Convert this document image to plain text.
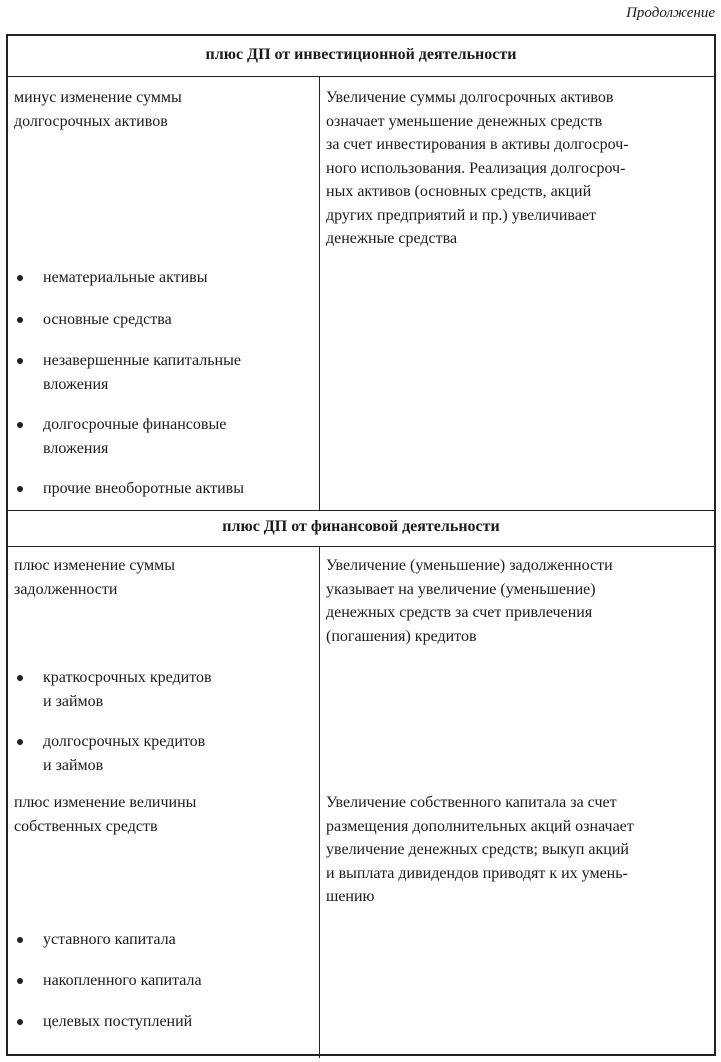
Продолжение
плюс ДП от инвестиционной деятельности
минус изменение суммы
долгосрочных активов
Увеличение суммы долгосрочных активов
означает уменьшение денежных средств
за счет инвестирования в активы долгосроч-
ного использования. Реализация долгосроч-
ных активов (основных средств, акций
других предприятий и пр.) увеличивает
денежные средства
нематериальные активы
основные средства
незавершенные капитальные
вложения
долгосрочные финансовые
вложения
прочие внеоборотные активы
плюс ДП от финансовой деятельности
плюс изменение суммы
задолженности
Увеличение (уменьшение) задолженности
указывает на увеличение (уменьшение)
денежных средств за счет привлечения
(погашения) кредитов
краткосрочных кредитов
и займов
долгосрочных кредитов
и займов
плюс изменение величины
собственных средств
Увеличение собственного капитала за счет
размещения дополнительных акций означает
увеличение денежных средств; выкуп акций
и выплата дивидендов приводят к их умень-
шению
уставного капитала
накопленного капитала
целевых поступлений
